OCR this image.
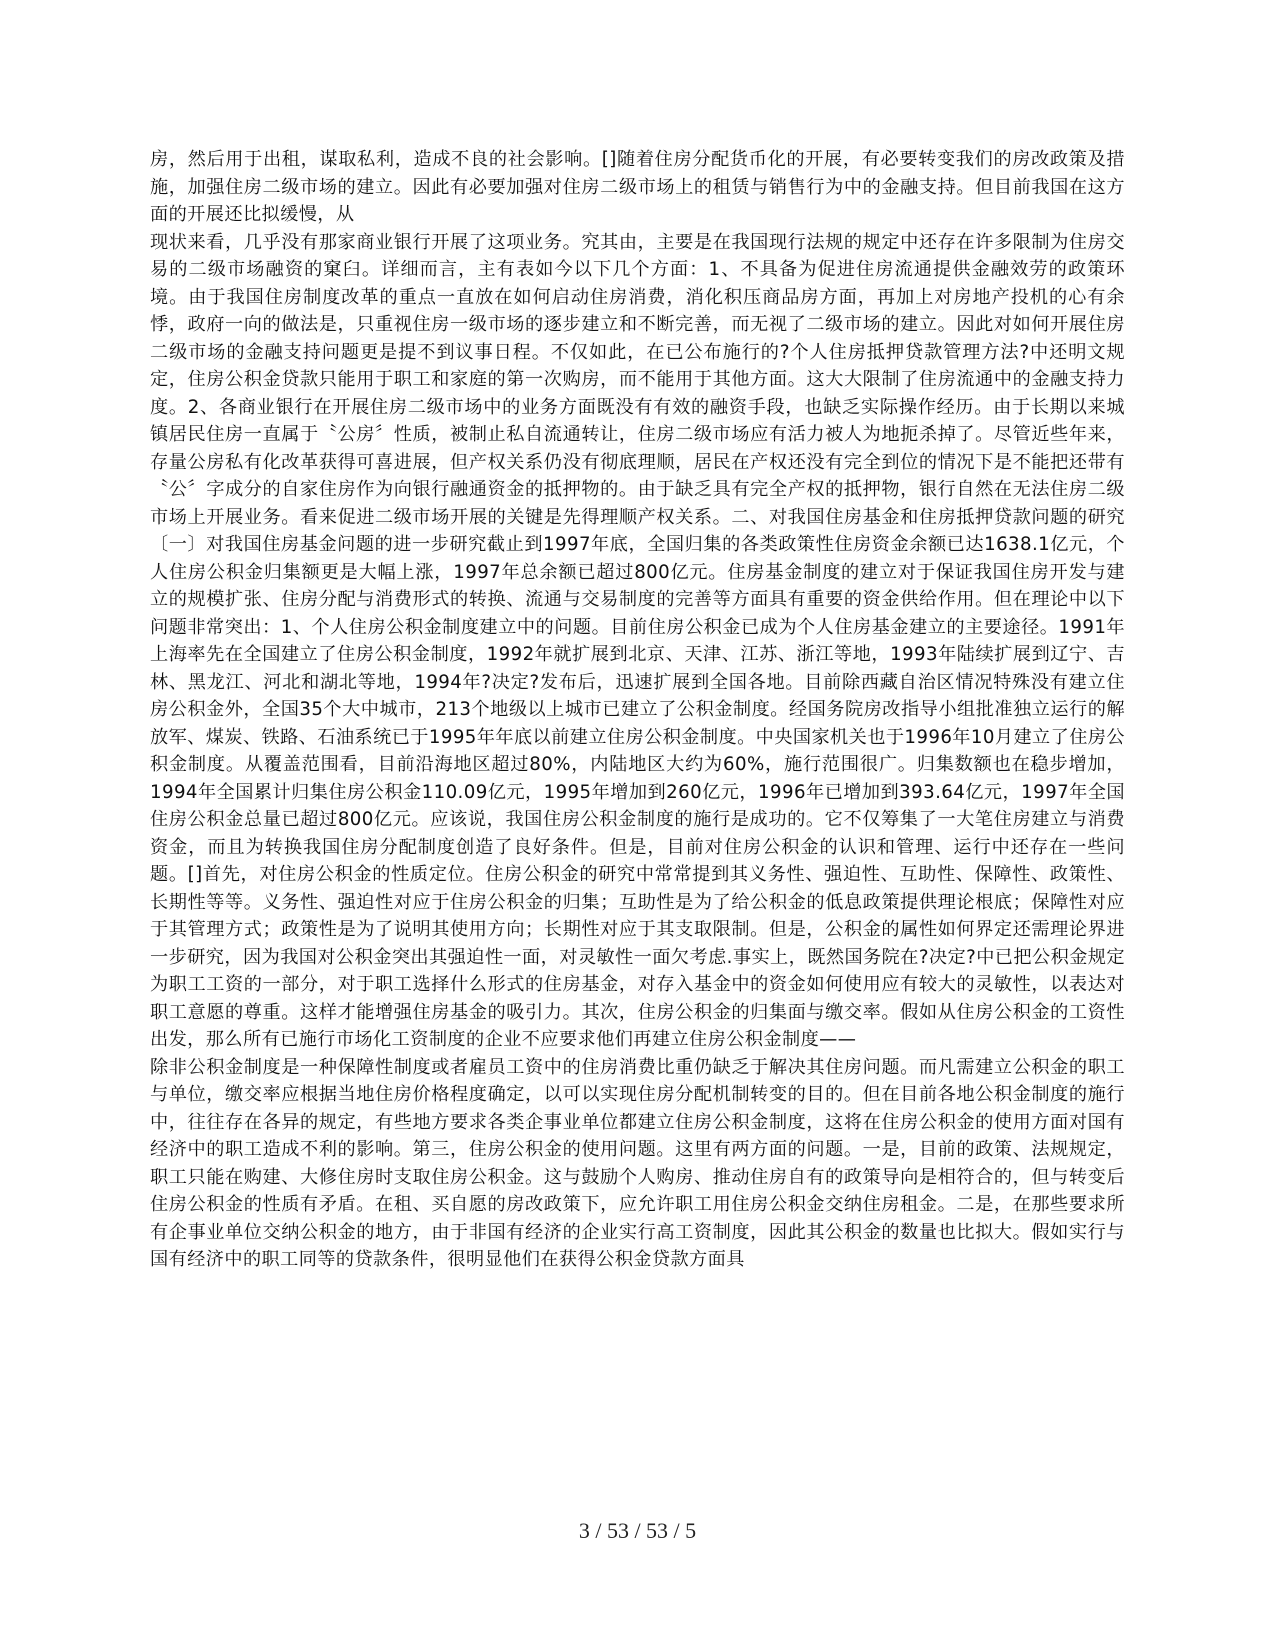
房，然后用于出租，谋取私利，造成不良的社会影响。[]随着住房分配货币化的开展，有必要转变我们的房改政策及措施，加强住房二级市场的建立。因此有必要加强对住房二级市场上的租赁与销售行为中的金融支持。但目前我国在这方面的开展还比拟缓慢，从

现状来看，几乎没有那家商业银行开展了这项业务。究其由，主要是在我国现行法规的规定中还存在许多限制为住房交易的二级市场融资的窠臼。详细而言，主有表如今以下几个方面：1、不具备为促进住房流通提供金融效劳的政策环境。由于我国住房制度改革的重点一直放在如何启动住房消费，消化积压商品房方面，再加上对房地产投机的心有余悸，政府一向的做法是，只重视住房一级市场的逐步建立和不断完善，而无视了二级市场的建立。因此对如何开展住房二级市场的金融支持问题更是提不到议事日程。不仅如此，在已公布施行的?个人住房抵押贷款管理方法?中还明文规定，住房公积金贷款只能用于职工和家庭的第一次购房，而不能用于其他方面。这大大限制了住房流通中的金融支持力度。2、各商业银行在开展住房二级市场中的业务方面既没有有效的融资手段，也缺乏实际操作经历。由于长期以来城镇居民住房一直属于〝公房〞性质，被制止私自流通转让，住房二级市场应有活力被人为地扼杀掉了。尽管近些年来，存量公房私有化改革获得可喜进展，但产权关系仍没有彻底理顺，居民在产权还没有完全到位的情况下是不能把还带有〝公〞字成分的自家住房作为向银行融通资金的抵押物的。由于缺乏具有完全产权的抵押物，银行自然在无法住房二级市场上开展业务。看来促进二级市场开展的关键是先得理顺产权关系。二、对我国住房基金和住房抵押贷款问题的研究〔一〕对我国住房基金问题的进一步研究截止到1997年底，全国归集的各类政策性住房资金余额已达1638.1亿元，个人住房公积金归集额更是大幅上涨，1997年总余额已超过800亿元。住房基金制度的建立对于保证我国住房开发与建立的规模扩张、住房分配与消费形式的转换、流通与交易制度的完善等方面具有重要的资金供给作用。但在理论中以下问题非常突出：1、个人住房公积金制度建立中的问题。目前住房公积金已成为个人住房基金建立的主要途径。1991年上海率先在全国建立了住房公积金制度，1992年就扩展到北京、天津、江苏、浙江等地，1993年陆续扩展到辽宁、吉林、黑龙江、河北和湖北等地，1994年?决定?发布后，迅速扩展到全国各地。目前除西藏自治区情况特殊没有建立住房公积金外，全国35个大中城市，213个地级以上城市已建立了公积金制度。经国务院房改指导小组批准独立运行的解放军、煤炭、铁路、石油系统已于1995年年底以前建立住房公积金制度。中央国家机关也于1996年10月建立了住房公积金制度。从覆盖范围看，目前沿海地区超过80%，内陆地区大约为60%，施行范围很广。归集数额也在稳步增加，1994年全国累计归集住房公积金110.09亿元，1995年增加到260亿元，1996年已增加到393.64亿元，1997年全国住房公积金总量已超过800亿元。应该说，我国住房公积金制度的施行是成功的。它不仅筹集了一大笔住房建立与消费资金，而且为转换我国住房分配制度创造了良好条件。但是，目前对住房公积金的认识和管理、运行中还存在一些问题。[]首先，对住房公积金的性质定位。住房公积金的研究中常常提到其义务性、强迫性、互助性、保障性、政策性、长期性等等。义务性、强迫性对应于住房公积金的归集；互助性是为了给公积金的低息政策提供理论根底；保障性对应于其管理方式；政策性是为了说明其使用方向；长期性对应于其支取限制。但是，公积金的属性如何界定还需理论界进一步研究，因为我国对公积金突出其强迫性一面，对灵敏性一面欠考虑.事实上，既然国务院在?决定?中已把公积金规定为职工工资的一部分，对于职工选择什么形式的住房基金，对存入基金中的资金如何使用应有较大的灵敏性，以表达对职工意愿的尊重。这样才能增强住房基金的吸引力。其次，住房公积金的归集面与缴交率。假如从住房公积金的工资性出发，那么所有已施行市场化工资制度的企业不应要求他们再建立住房公积金制度——

除非公积金制度是一种保障性制度或者雇员工资中的住房消费比重仍缺乏于解决其住房问题。而凡需建立公积金的职工与单位，缴交率应根据当地住房价格程度确定，以可以实现住房分配机制转变的目的。但在目前各地公积金制度的施行中，往往存在各异的规定，有些地方要求各类企事业单位都建立住房公积金制度，这将在住房公积金的使用方面对国有经济中的职工造成不利的影响。第三，住房公积金的使用问题。这里有两方面的问题。一是，目前的政策、法规规定，职工只能在购建、大修住房时支取住房公积金。这与鼓励个人购房、推动住房自有的政策导向是相符合的，但与转变后住房公积金的性质有矛盾。在租、买自愿的房改政策下，应允许职工用住房公积金交纳住房租金。二是，在那些要求所有企事业单位交纳公积金的地方，由于非国有经济的企业实行高工资制度，因此其公积金的数量也比拟大。假如实行与国有经济中的职工同等的贷款条件，很明显他们在获得公积金贷款方面具

3 / 53 / 53 / 5
